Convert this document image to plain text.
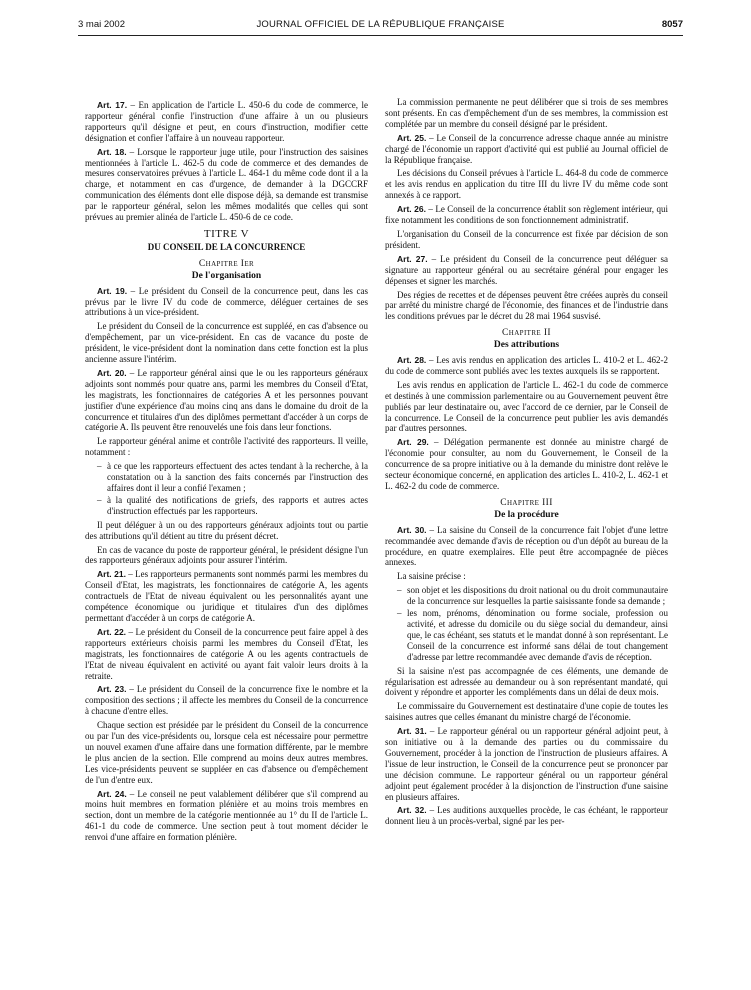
3 mai 2002	JOURNAL OFFICIEL DE LA RÉPUBLIQUE FRANÇAISE	8057

Art. 17. – En application de l'article L. 450-6 du code de commerce, le rapporteur général confie l'instruction d'une affaire à un ou plusieurs rapporteurs qu'il désigne et peut, en cours d'instruction, modifier cette désignation et confier l'affaire à un nouveau rapporteur.

Art. 18. – Lorsque le rapporteur juge utile, pour l'instruction des saisines mentionnées à l'article L. 462-5 du code de commerce et des demandes de mesures conservatoires prévues à l'article L. 464-1 du même code dont il a la charge, et notamment en cas d'urgence, de demander à la DGCCRF communication des éléments dont elle dispose déjà, sa demande est transmise par le rapporteur général, selon les mêmes modalités que celles qui sont prévues au premier alinéa de l'article L. 450-6 de ce code.

TITRE V
DU CONSEIL DE LA CONCURRENCE
Chapitre Ier
De l'organisation

Art. 19. – Le président du Conseil de la concurrence peut, dans les cas prévus par le livre IV du code de commerce, déléguer certaines de ses attributions à un vice-président.

Le président du Conseil de la concurrence est suppléé, en cas d'absence ou d'empêchement, par un vice-président. En cas de vacance du poste de président, le vice-président dont la nomination dans cette fonction est la plus ancienne assure l'intérim.

Art. 20. – Le rapporteur général ainsi que le ou les rapporteurs généraux adjoints sont nommés pour quatre ans, parmi les membres du Conseil d'Etat, les magistrats, les fonctionnaires de catégories A et les personnes pouvant justifier d'une expérience d'au moins cinq ans dans le domaine du droit de la concurrence et titulaires d'un des diplômes permettant d'accéder à un corps de catégorie A. Ils peuvent être renouvelés une fois dans leur fonctions.

Le rapporteur général anime et contrôle l'activité des rapporteurs. Il veille, notamment :

– à ce que les rapporteurs effectuent des actes tendant à la recherche, à la constatation ou à la sanction des faits concernés par l'instruction des affaires dont il leur a confié l'examen ;
– à la qualité des notifications de griefs, des rapports et autres actes d'instruction effectués par les rapporteurs.

Il peut déléguer à un ou des rapporteurs généraux adjoints tout ou partie des attributions qu'il détient au titre du présent décret.

En cas de vacance du poste de rapporteur général, le président désigne l'un des rapporteurs généraux adjoints pour assurer l'intérim.

Art. 21. – Les rapporteurs permanents sont nommés parmi les membres du Conseil d'Etat, les magistrats, les fonctionnaires de catégorie A, les agents contractuels de l'Etat de niveau équivalent ou les personnalités ayant une compétence économique ou juridique et titulaires d'un des diplômes permettant d'accéder à un corps de catégorie A.

Art. 22. – Le président du Conseil de la concurrence peut faire appel à des rapporteurs extérieurs choisis parmi les membres du Conseil d'Etat, les magistrats, les fonctionnaires de catégorie A ou les agents contractuels de l'Etat de niveau équivalent en activité ou ayant fait valoir leurs droits à la retraite.

Art. 23. – Le président du Conseil de la concurrence fixe le nombre et la composition des sections ; il affecte les membres du Conseil de la concurrence à chacune d'entre elles.

Chaque section est présidée par le président du Conseil de la concurrence ou par l'un des vice-présidents ou, lorsque cela est nécessaire pour permettre un nouvel examen d'une affaire dans une formation différente, par le membre le plus ancien de la section. Elle comprend au moins deux autres membres. Les vice-présidents peuvent se suppléer en cas d'absence ou d'empêchement de l'un d'entre eux.

Art. 24. – Le conseil ne peut valablement délibérer que s'il comprend au moins huit membres en formation plénière et au moins trois membres en section, dont un membre de la catégorie mentionnée au 1° du II de l'article L. 461-1 du code de commerce. Une section peut à tout moment décider le renvoi d'une affaire en formation plénière.

La commission permanente ne peut délibérer que si trois de ses membres sont présents. En cas d'empêchement d'un de ses membres, la commission est complétée par un membre du conseil désigné par le président.

Art. 25. – Le Conseil de la concurrence adresse chaque année au ministre chargé de l'économie un rapport d'activité qui est publié au Journal officiel de la République française.

Les décisions du Conseil prévues à l'article L. 464-8 du code de commerce et les avis rendus en application du titre III du livre IV du même code sont annexés à ce rapport.

Art. 26. – Le Conseil de la concurrence établit son règlement intérieur, qui fixe notamment les conditions de son fonctionnement administratif.

L'organisation du Conseil de la concurrence est fixée par décision de son président.

Art. 27. – Le président du Conseil de la concurrence peut déléguer sa signature au rapporteur général ou au secrétaire général pour engager les dépenses et signer les marchés.

Des régies de recettes et de dépenses peuvent être créées auprès du conseil par arrêté du ministre chargé de l'économie, des finances et de l'industrie dans les conditions prévues par le décret du 28 mai 1964 susvisé.

Chapitre II
Des attributions

Art. 28. – Les avis rendus en application des articles L. 410-2 et L. 462-2 du code de commerce sont publiés avec les textes auxquels ils se rapportent.

Les avis rendus en application de l'article L. 462-1 du code de commerce et destinés à une commission parlementaire ou au Gouvernement peuvent être publiés par leur destinataire ou, avec l'accord de ce dernier, par le Conseil de la concurrence. Le Conseil de la concurrence peut publier les avis demandés par d'autres personnes.

Art. 29. – Délégation permanente est donnée au ministre chargé de l'économie pour consulter, au nom du Gouvernement, le Conseil de la concurrence de sa propre initiative ou à la demande du ministre dont relève le secteur économique concerné, en application des articles L. 410-2, L. 462-1 et L. 462-2 du code de commerce.

Chapitre III
De la procédure

Art. 30. – La saisine du Conseil de la concurrence fait l'objet d'une lettre recommandée avec demande d'avis de réception ou d'un dépôt au bureau de la procédure, en quatre exemplaires. Elle peut être accompagnée de pièces annexes.

La saisine précise :

– son objet et les dispositions du droit national ou du droit communautaire de la concurrence sur lesquelles la partie saisissante fonde sa demande ;
– les nom, prénoms, dénomination ou forme sociale, profession ou activité, et adresse du domicile ou du siège social du demandeur, ainsi que, le cas échéant, ses statuts et le mandat donné à son représentant. Le Conseil de la concurrence est informé sans délai de tout changement d'adresse par lettre recommandée avec demande d'avis de réception.

Si la saisine n'est pas accompagnée de ces éléments, une demande de régularisation est adressée au demandeur ou à son représentant mandaté, qui doivent y répondre et apporter les compléments dans un délai de deux mois.

Le commissaire du Gouvernement est destinataire d'une copie de toutes les saisines autres que celles émanant du ministre chargé de l'économie.

Art. 31. – Le rapporteur général ou un rapporteur général adjoint peut, à son initiative ou à la demande des parties ou du commissaire du Gouvernement, procéder à la jonction de l'instruction de plusieurs affaires. A l'issue de leur instruction, le Conseil de la concurrence peut se prononcer par une décision commune. Le rapporteur général ou un rapporteur général adjoint peut également procéder à la disjonction de l'instruction d'une saisine en plusieurs affaires.

Art. 32. – Les auditions auxquelles procède, le cas échéant, le rapporteur donnent lieu à un procès-verbal, signé par les per-
